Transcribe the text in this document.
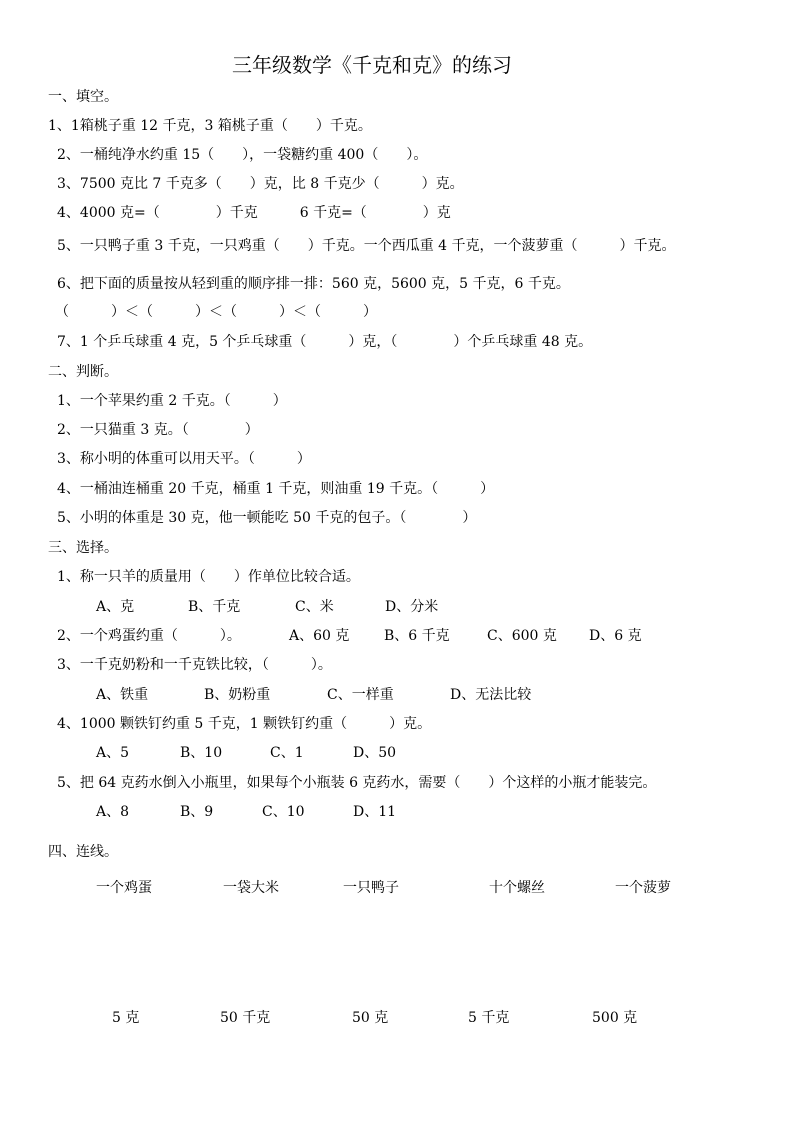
三年级数学《千克和克》的练习
一、填空。
1、1箱桃子重 12 千克，3 箱桃子重（　　）千克。
2、一桶纯净水约重 15（　　），一袋糖约重 400（　　）。
3、7500 克比 7 千克多（　　）克，比 8 千克少（　　　）克。
4、4000 克=（　　　　）千克　　　6 千克=（　　　　）克
5、一只鸭子重 3 千克，一只鸡重（　　）千克。一个西瓜重 4 千克，一个菠萝重（　　　）千克。
6、把下面的质量按从轻到重的顺序排一排：560 克，5600 克，5 千克，6 千克。
（　　　）＜（　　　）＜（　　　）＜（　　　）
7、1 个乒乓球重 4 克，5 个乒乓球重（　　　）克，（　　　　）个乒乓球重 48 克。
二、判断。
1、一个苹果约重 2 千克。（　　　）
2、一只猫重 3 克。（　　　　）
3、称小明的体重可以用天平。（　　　）
4、一桶油连桶重 20 千克，桶重 1 千克，则油重 19 千克。（　　　）
5、小明的体重是 30 克，他一顿能吃 50 千克的包子。（　　　　）
三、选择。
1、称一只羊的质量用（　　）作单位比较合适。
A、克	B、千克	C、米	D、分米
2、一个鸡蛋约重（　　　）。	A、60 克 B、6 千克	C、600 克 D、6 克
3、一千克奶粉和一千克铁比较，（　　　）。
A、铁重	B、奶粉重	C、一样重	D、无法比较
4、1000 颗铁钉约重 5 千克，1 颗铁钉约重（　　　）克。
A、5	B、10	C、1	D、50
5、把 64 克药水倒入小瓶里，如果每个小瓶装 6 克药水，需要（　　）个这样的小瓶才能装完。
A、8	B、9	C、10	D、11
四、连线。
一个鸡蛋	一袋大米	一只鸭子	十个螺丝	一个菠萝
5 克	50 千克	50 克	5 千克	500 克
